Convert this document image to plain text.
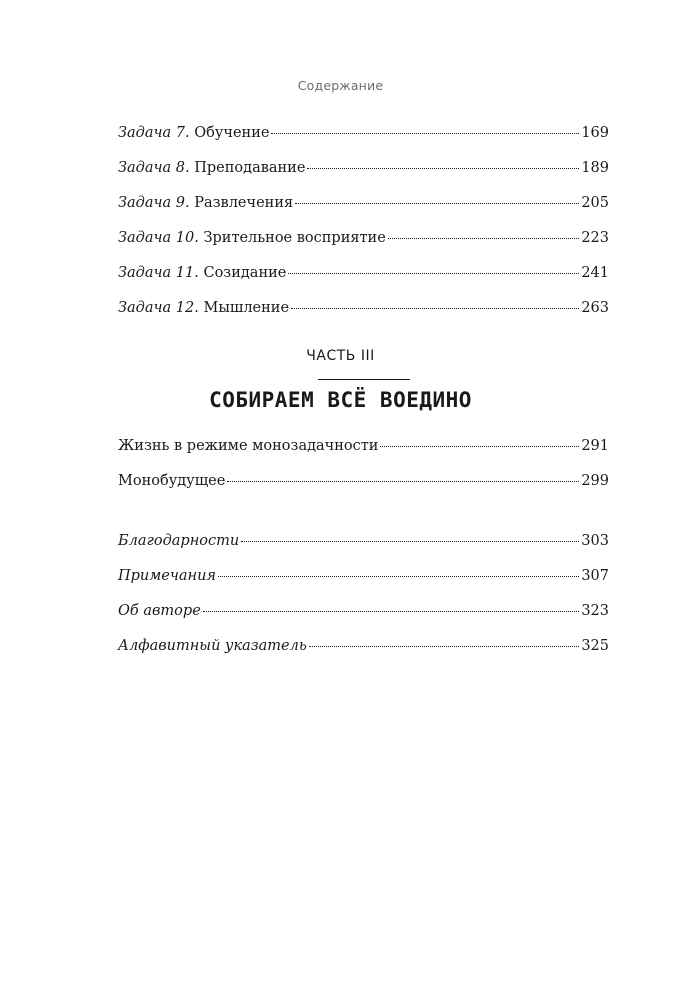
Содержание
Задача 7. Обучение	169
Задача 8. Преподавание	189
Задача 9. Развлечения	205
Задача 10. Зрительное восприятие	223
Задача 11. Созидание	241
Задача 12. Мышление	263
ЧАСТЬ III
СОБИРАЕМ ВСЁ ВОЕДИНО
Жизнь в режиме монозадачности	291
Монобудущее	299
Благодарности	303
Примечания	307
Об авторе	323
Алфавитный указатель	325
